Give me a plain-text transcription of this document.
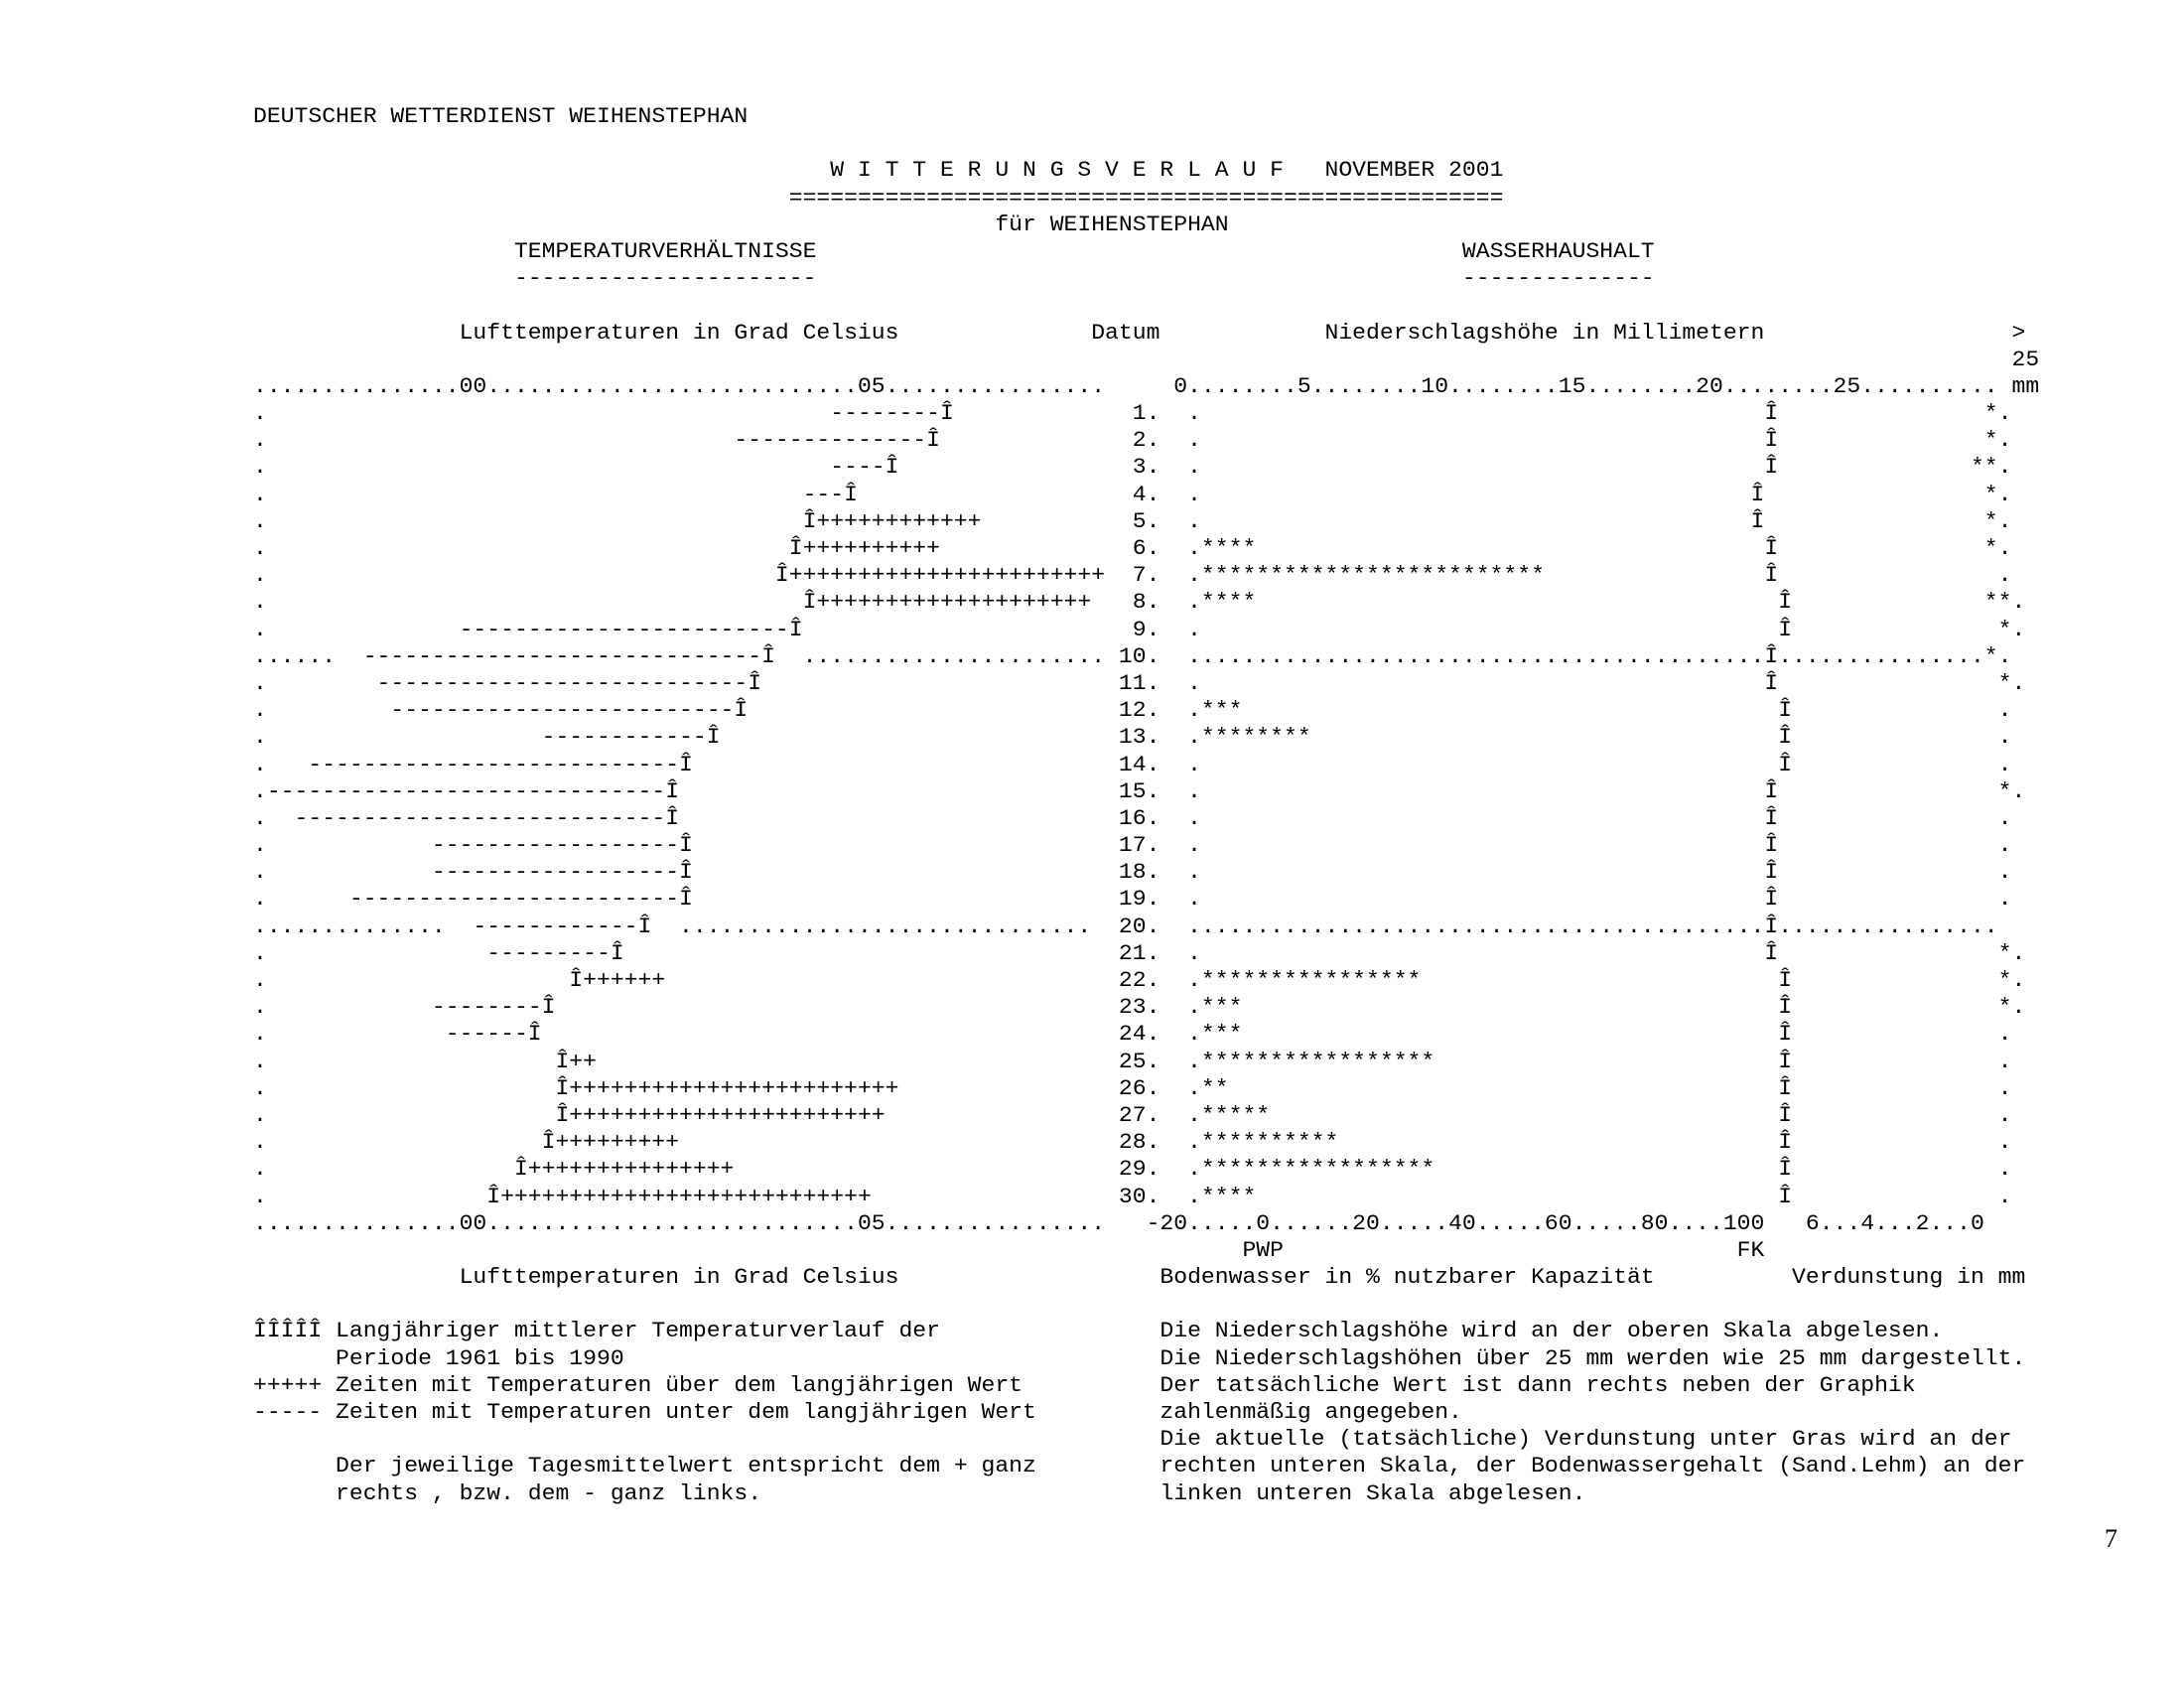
DEUTSCHER WETTERDIENST WEIHENSTEPHAN
W I T T E R U N G S V E R L A U F   NOVEMBER 2001
====================================================
für WEIHENSTEPHAN
TEMPERATURVERHÄLTNISSE                                               WASSERHAUSHALT
----------------------                                               --------------
Lufttemperaturen in Grad Celsius              Datum            Niederschlagshöhe in Millimetern                  >
25
...............00...........................05................     0........5........10........15........20........25.......... mm
.                                         --------Î             1.  .                                         Î               *.
.                                  --------------Î              2.  .                                         Î               *.
.                                         ----Î                 3.  .                                         Î              **.
.                                       ---Î                    4.  .                                        Î                *.
.                                       Î++++++++++++           5.  .                                        Î                *.
.                                      Î++++++++++              6.  .****                                     Î               *.
.                                     Î+++++++++++++++++++++++  7.  .*************************                Î                .
.                                       Î++++++++++++++++++++   8.  .****                                      Î              **.
.              ------------------------Î                        9.  .                                          Î               *.
......  -----------------------------Î  ...................... 10.  ..........................................Î...............*.
.        ---------------------------Î                          11.  .                                         Î                *.
.         -------------------------Î                           12.  .***                                       Î               .
.                    ------------Î                             13.  .********                                  Î               .
.   ---------------------------Î                               14.  .                                          Î               .
.-----------------------------Î                                15.  .                                         Î                *.
.  ---------------------------Î                                16.  .                                         Î                .
.            ------------------Î                               17.  .                                         Î                .
.            ------------------Î                               18.  .                                         Î                .
.      ------------------------Î                               19.  .                                         Î                .
..............  ------------Î  ..............................  20.  ..........................................Î................
.                ---------Î                                    21.  .                                         Î                *.
.                      Î++++++                                 22.  .****************                          Î               *.
.            --------Î                                         23.  .***                                       Î               *.
.             ------Î                                          24.  .***                                       Î               .
.                     Î++                                      25.  .*****************                         Î               .
.                     Î++++++++++++++++++++++++                26.  .**                                        Î               .
.                     Î+++++++++++++++++++++++                 27.  .*****                                     Î               .
.                    Î+++++++++                                28.  .**********                                Î               .
.                  Î+++++++++++++++                            29.  .*****************                         Î               .
.                Î+++++++++++++++++++++++++++                  30.  .****                                      Î               .
...............00...........................05................   -20.....0......20.....40.....60.....80....100   6...4...2...0
PWP                                 FK
Lufttemperaturen in Grad Celsius                   Bodenwasser in % nutzbarer Kapazität          Verdunstung in mm
ÎÎÎÎÎ Langjähriger mittlerer Temperaturverlauf der                Die Niederschlagshöhe wird an der oberen Skala abgelesen.
Periode 1961 bis 1990                                       Die Niederschlagshöhen über 25 mm werden wie 25 mm dargestellt.
+++++ Zeiten mit Temperaturen über dem langjährigen Wert          Der tatsächliche Wert ist dann rechts neben der Graphik
----- Zeiten mit Temperaturen unter dem langjährigen Wert         zahlenmäßig angegeben.
Die aktuelle (tatsächliche) Verdunstung unter Gras wird an der
Der jeweilige Tagesmittelwert entspricht dem + ganz         rechten unteren Skala, der Bodenwassergehalt (Sand.Lehm) an der
rechts , bzw. dem - ganz links.                             linken unteren Skala abgelesen.
7
